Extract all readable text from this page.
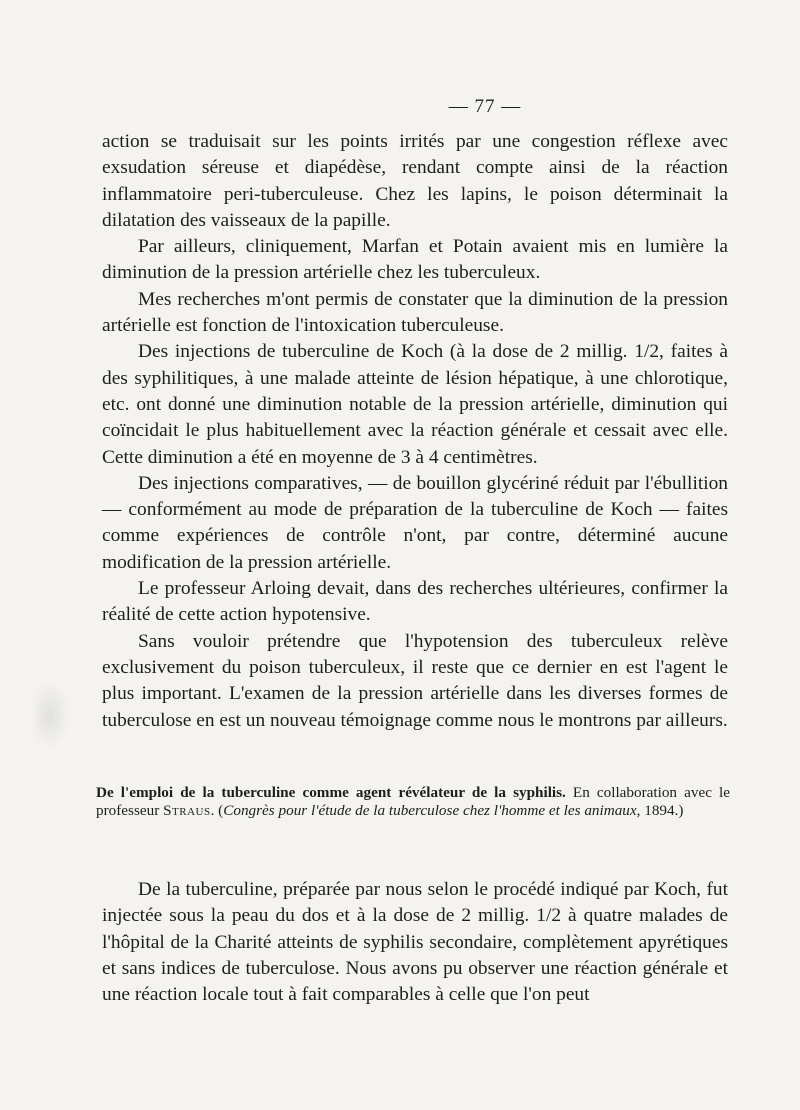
— 77 —

action se traduisait sur les points irrités par une congestion réflexe avec exsudation séreuse et diapédèse, rendant compte ainsi de la réaction inflammatoire peri-tuberculeuse. Chez les lapins, le poison déterminait la dilatation des vaisseaux de la papille.

Par ailleurs, cliniquement, Marfan et Potain avaient mis en lumière la diminution de la pression artérielle chez les tuberculeux.

Mes recherches m'ont permis de constater que la diminution de la pression artérielle est fonction de l'intoxication tuberculeuse.

Des injections de tuberculine de Koch (à la dose de 2 millig. 1/2, faites à des syphilitiques, à une malade atteinte de lésion hépatique, à une chlorotique, etc. ont donné une diminution notable de la pression artérielle, diminution qui coïncidait le plus habituellement avec la réaction générale et cessait avec elle. Cette diminution a été en moyenne de 3 à 4 centimètres.

Des injections comparatives, — de bouillon glycériné réduit par l'ébullition — conformément au mode de préparation de la tuberculine de Koch — faites comme expériences de contrôle n'ont, par contre, déterminé aucune modification de la pression artérielle.

Le professeur Arloing devait, dans des recherches ultérieures, confirmer la réalité de cette action hypotensive.

Sans vouloir prétendre que l'hypotension des tuberculeux relève exclusivement du poison tuberculeux, il reste que ce dernier en est l'agent le plus important. L'examen de la pression artérielle dans les diverses formes de tuberculose en est un nouveau témoignage comme nous le montrons par ailleurs.

De l'emploi de la tuberculine comme agent révélateur de la syphilis. En collaboration avec le professeur Straus. (Congrès pour l'étude de la tuberculose chez l'homme et les animaux, 1894.)

De la tuberculine, préparée par nous selon le procédé indiqué par Koch, fut injectée sous la peau du dos et à la dose de 2 millig. 1/2 à quatre malades de l'hôpital de la Charité atteints de syphilis secondaire, complètement apyrétiques et sans indices de tuberculose. Nous avons pu observer une réaction générale et une réaction locale tout à fait comparables à celle que l'on peut
